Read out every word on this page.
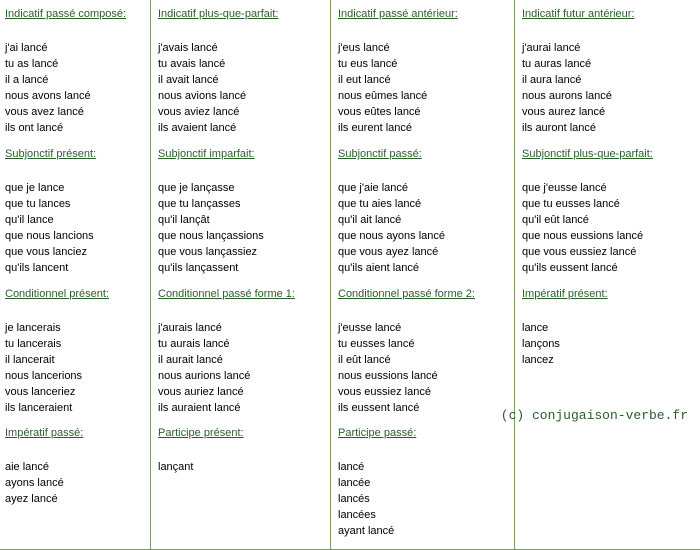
Indicatif passé composé:
j'ai lancé
tu as lancé
il a lancé
nous avons lancé
vous avez lancé
ils ont lancé
Indicatif plus-que-parfait:
j'avais lancé
tu avais lancé
il avait lancé
nous avions lancé
vous aviez lancé
ils avaient lancé
Indicatif passé antérieur:
j'eus lancé
tu eus lancé
il eut lancé
nous eûmes lancé
vous eûtes lancé
ils eurent lancé
Indicatif futur antérieur:
j'aurai lancé
tu auras lancé
il aura lancé
nous aurons lancé
vous aurez lancé
ils auront lancé
Subjonctif présent:
que je lance
que tu lances
qu'il lance
que nous lancions
que vous lanciez
qu'ils lancent
Subjonctif imparfait:
que je lançasse
que tu lançasses
qu'il lançât
que nous lançassions
que vous lançassiez
qu'ils lançassent
Subjonctif passé:
que j'aie lancé
que tu aies lancé
qu'il ait lancé
que nous ayons lancé
que vous ayez lancé
qu'ils aient lancé
Subjonctif plus-que-parfait:
que j'eusse lancé
que tu eusses lancé
qu'il eût lancé
que nous eussions lancé
que vous eussiez lancé
qu'ils eussent lancé
Conditionnel présent:
je lancerais
tu lancerais
il lancerait
nous lancerions
vous lanceriez
ils lanceraient
Conditionnel passé forme 1:
j'aurais lancé
tu aurais lancé
il aurait lancé
nous aurions lancé
vous auriez lancé
ils auraient lancé
Conditionnel passé forme 2:
j'eusse lancé
tu eusses lancé
il eût lancé
nous eussions lancé
vous eussiez lancé
ils eussent lancé
Impératif présent:
lance
lançons
lancez
Impératif passé:
aie lancé
ayons lancé
ayez lancé
Participe présent:
lançant
Participe passé:
lancé
lancée
lancés
lancées
ayant lancé
(c) conjugaison-verbe.fr
